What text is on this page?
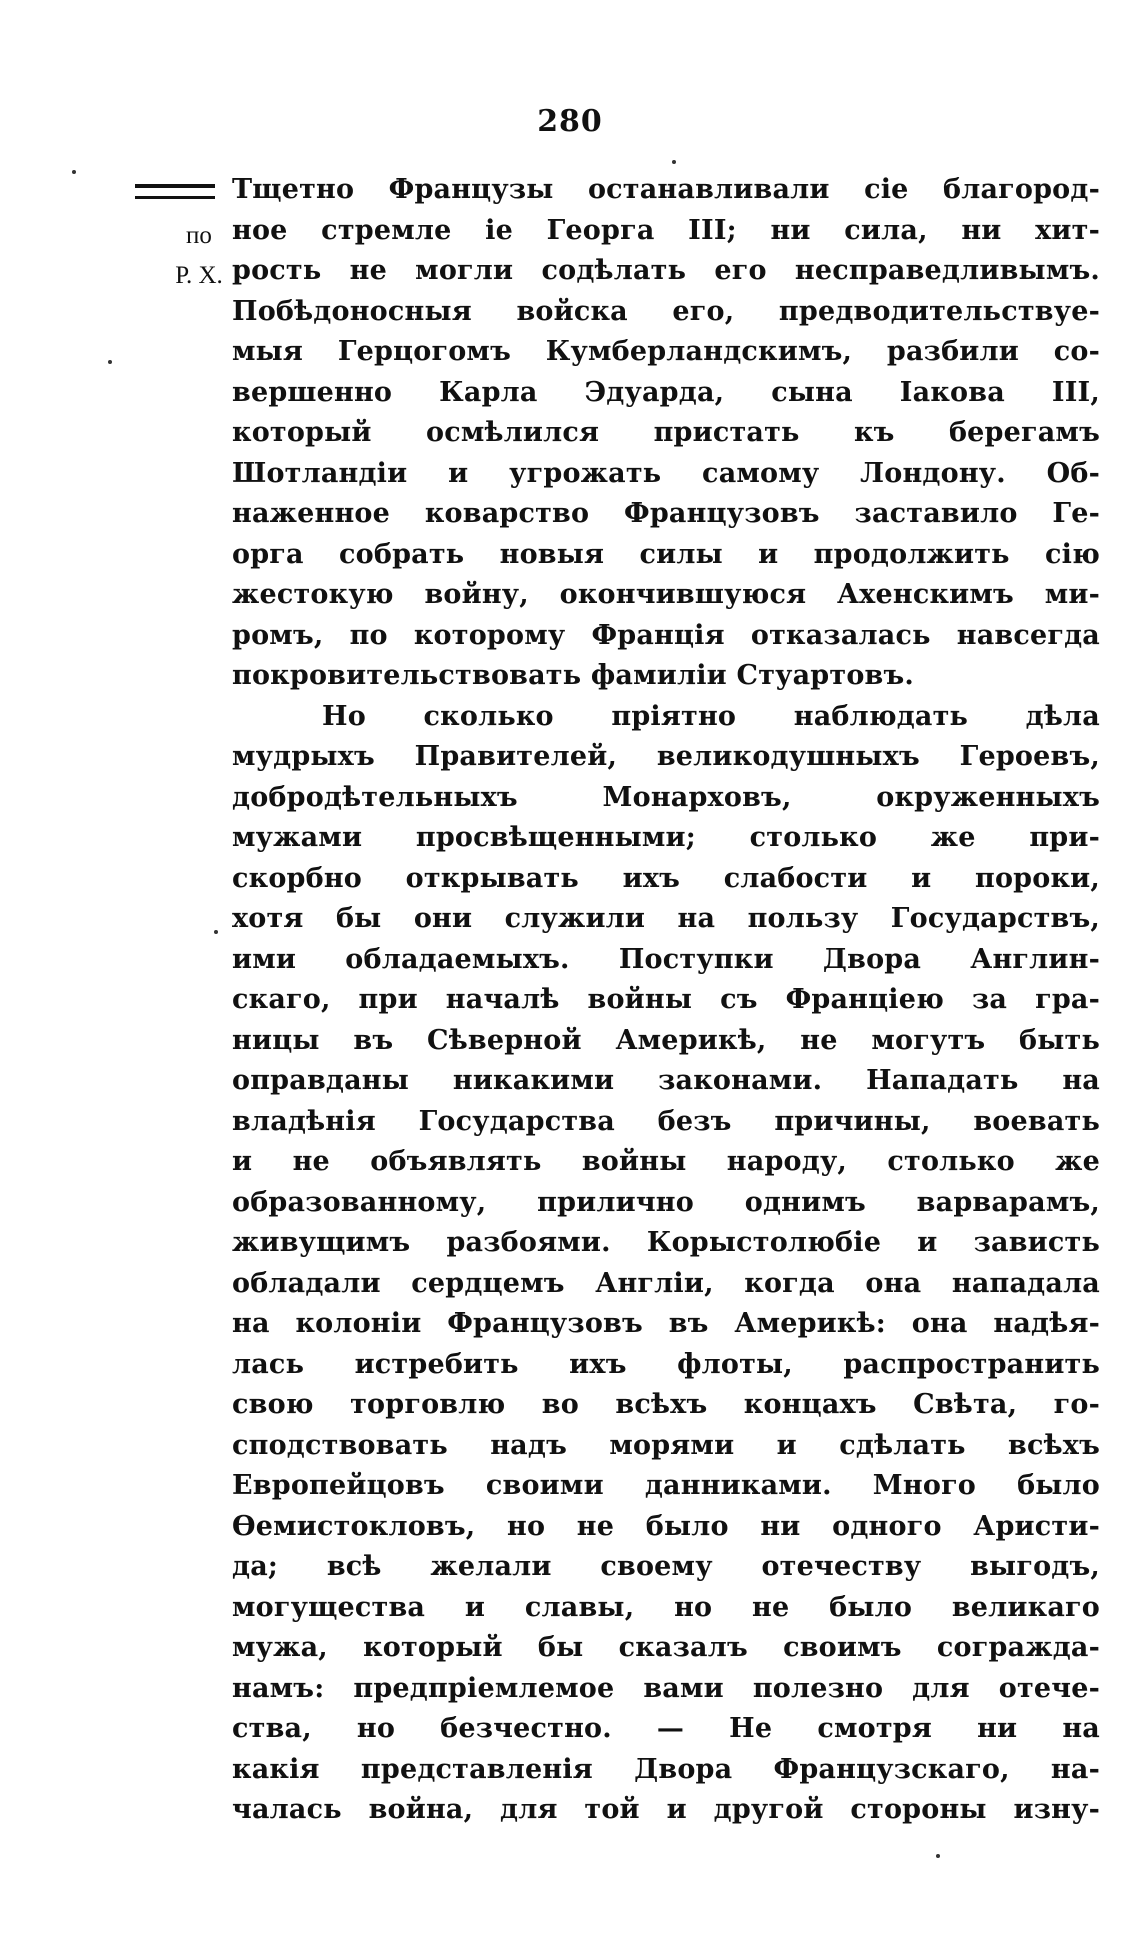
280
по
Р. Х.
Тщетно Французы останавливали сіе благород-
ное стремле іе Георга III; ни сила, ни хит-
рость не могли содѣлать его несправедливымъ.
Побѣдоносныя войска его, предводительствуе-
мыя Герцогомъ Кумберландскимъ, разбили со-
вершенно Карла Эдуарда, сына Іакова III,
который осмѣлился пристать къ берегамъ
Шотландіи и угрожать самому Лондону. Об-
наженное коварство Французовъ заставило Ге-
орга собрать новыя силы и продолжить сію
жестокую войну, окончившуюся Ахенскимъ ми-
ромъ, по которому Франція отказалась навсегда
покровительствовать фамиліи Стуартовъ.
Но сколько пріятно наблюдать дѣла
мудрыхъ Правителей, великодушныхъ Героевъ,
добродѣтельныхъ Монарховъ, окруженныхъ
мужами просвѣщенными; столько же при-
скорбно открывать ихъ слабости и пороки,
хотя бы они служили на пользу Государствъ,
ими обладаемыхъ. Поступки Двора Англин-
скаго, при началѣ войны съ Франціею за гра-
ницы въ Сѣверной Америкѣ, не могутъ быть
оправданы никакими законами. Нападать на
владѣнія Государства безъ причины, воевать
и не объявлять войны народу, столько же
образованному, прилично однимъ варварамъ,
живущимъ разбоями. Корыстолюбіе и зависть
обладали сердцемъ Англіи, когда она нападала
на колоніи Французовъ въ Америкѣ: она надѣя-
лась истребить ихъ флоты, распространить
свою торговлю во всѣхъ концахъ Свѣта, го-
сподствовать надъ морями и сдѣлать всѣхъ
Европейцовъ своими данниками. Много было
Ѳемистокловъ, но не было ни одного Аристи-
да; всѣ желали своему отечеству выгодъ,
могущества и славы, но не было великаго
мужа, который бы сказалъ своимъ сограждa-
намъ: предпріемлемое вами полезно для отече-
ства, но безчестно. — Не смотря ни на
какія представленія Двора Французскаго, на-
чалась война, для той и другой стороны изну-
